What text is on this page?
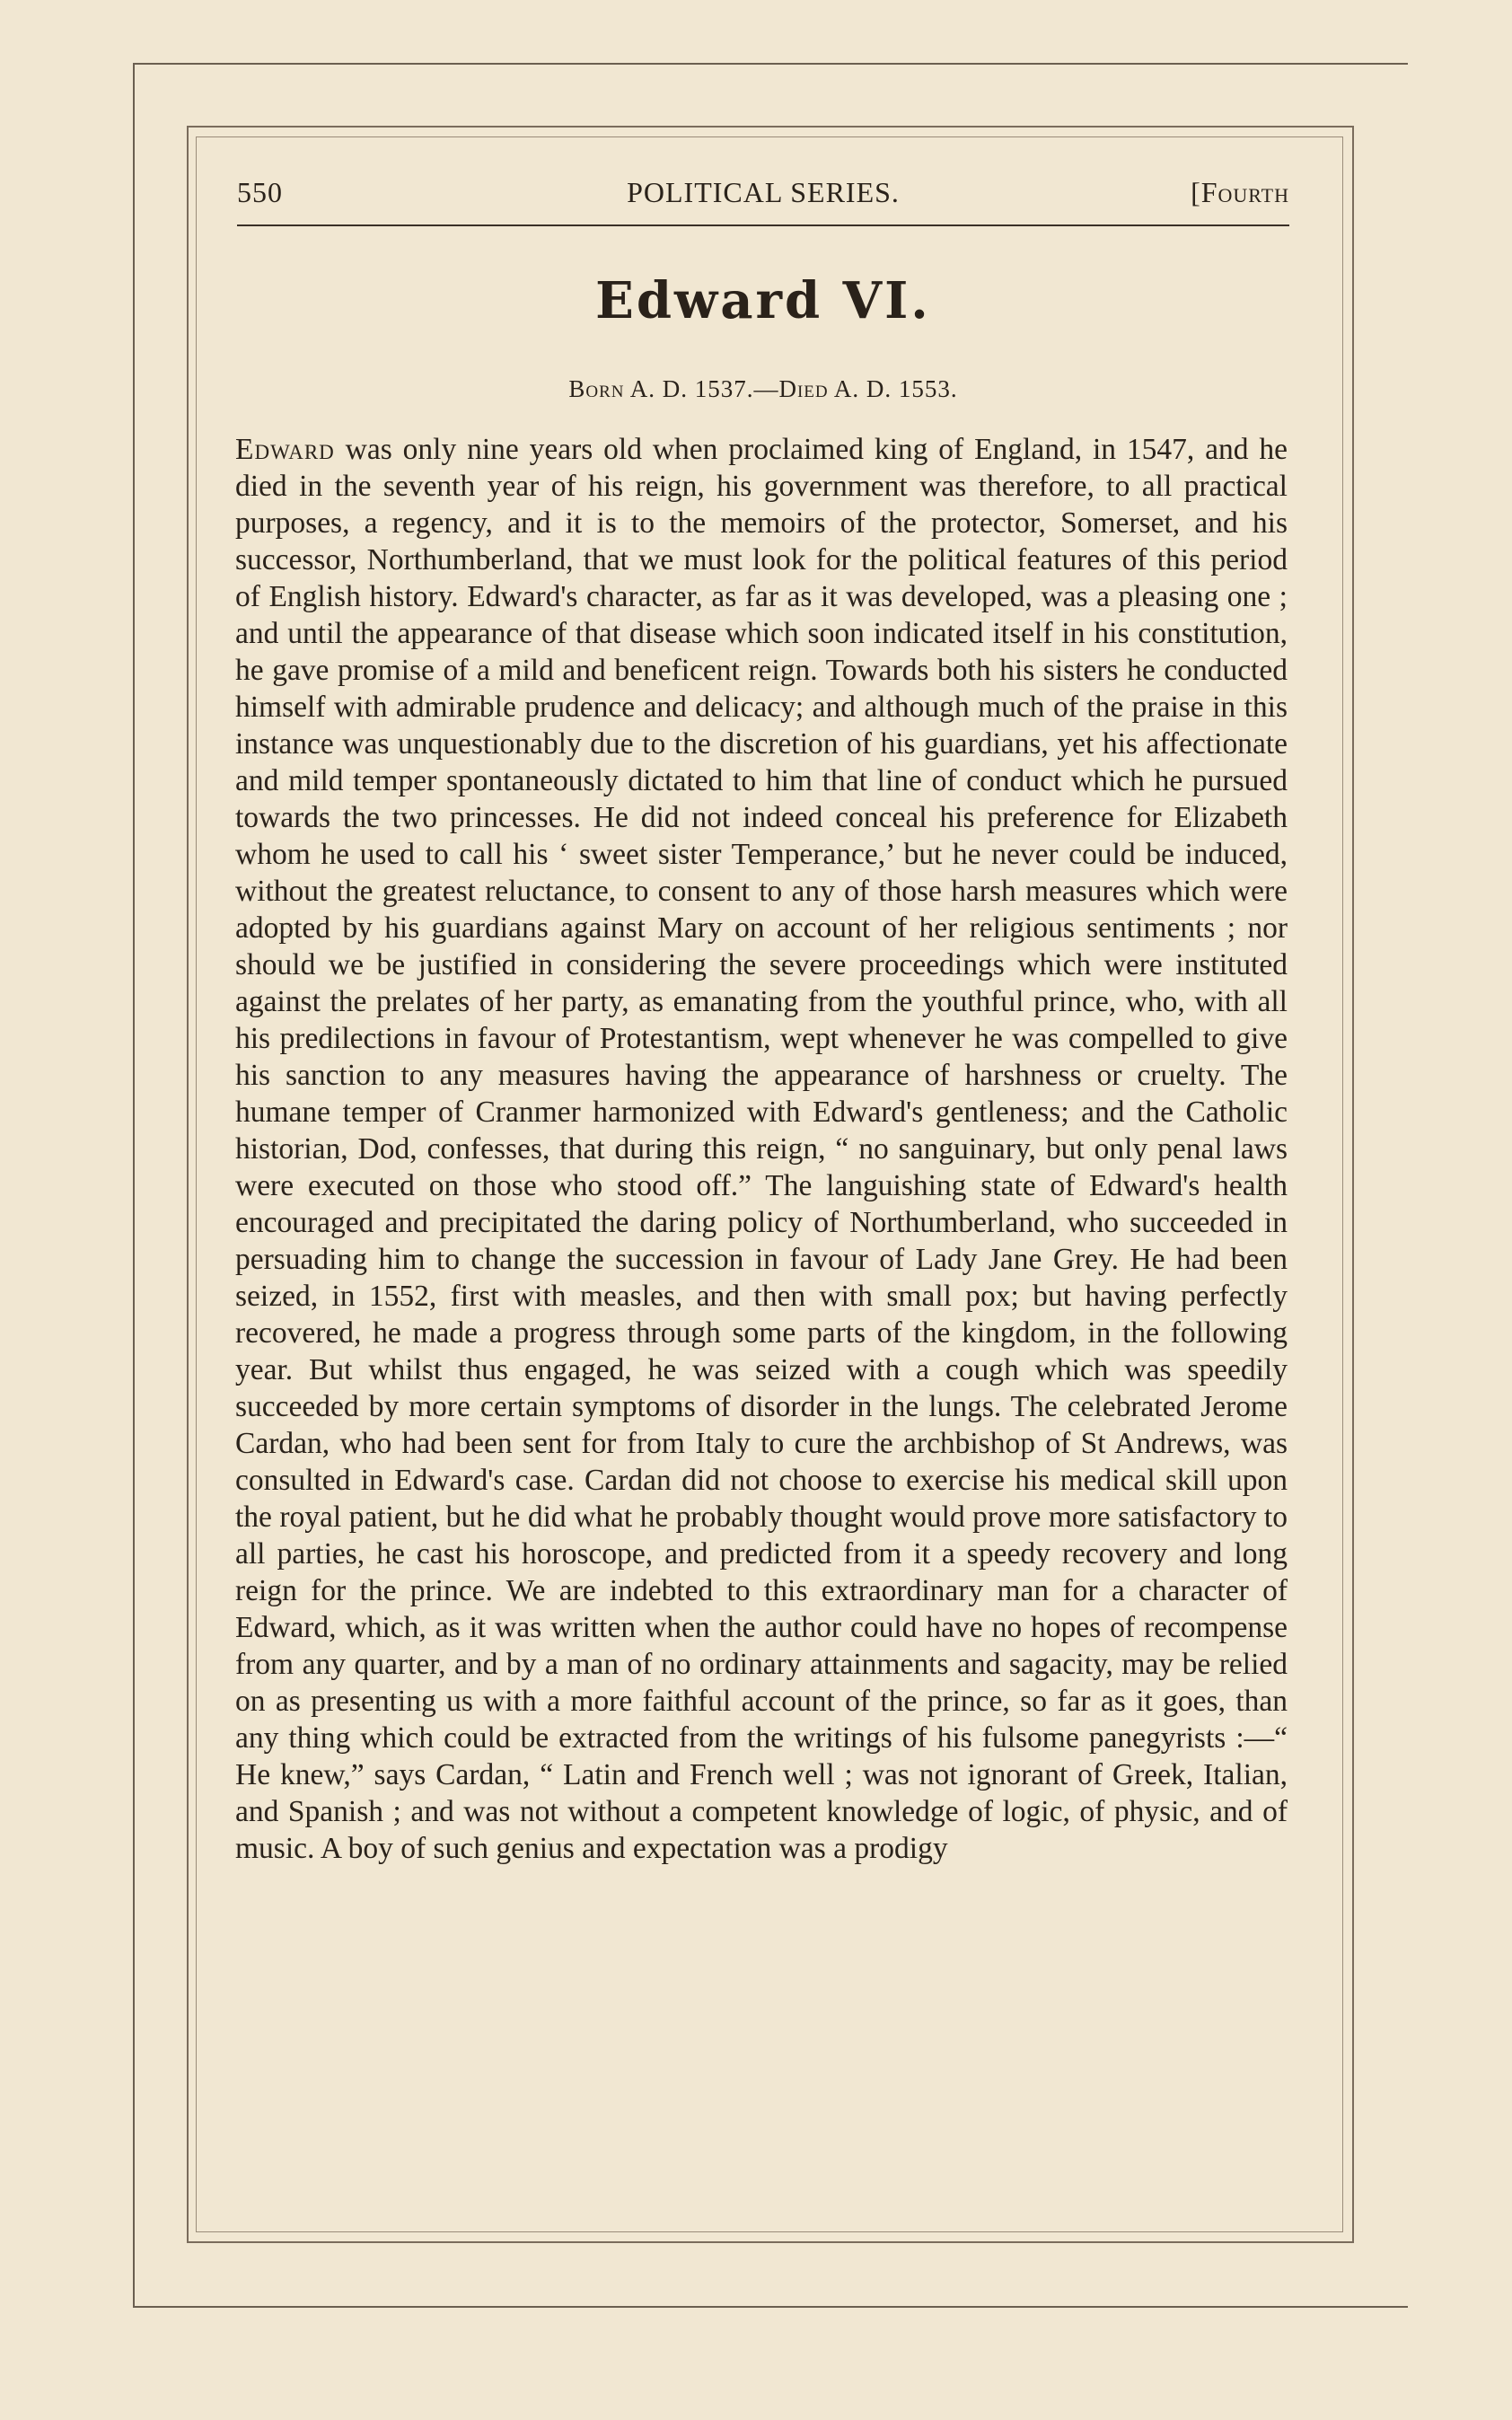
550	POLITICAL SERIES.	[Fourth
Edward VI.
Born A. D. 1537.—Died A. D. 1553.
Edward was only nine years old when proclaimed king of England, in 1547, and he died in the seventh year of his reign, his government was therefore, to all practical purposes, a regency, and it is to the memoirs of the protector, Somerset, and his successor, Northumberland, that we must look for the political features of this period of English history. Edward's character, as far as it was developed, was a pleasing one ; and until the appearance of that disease which soon indicated itself in his constitution, he gave promise of a mild and beneficent reign. Towards both his sisters he conducted himself with admirable prudence and delicacy; and although much of the praise in this instance was unquestionably due to the discretion of his guardians, yet his affectionate and mild temper spontaneously dictated to him that line of conduct which he pursued towards the two princesses. He did not indeed conceal his preference for Elizabeth whom he used to call his ‘ sweet sister Temperance,’ but he never could be induced, without the greatest reluctance, to consent to any of those harsh measures which were adopted by his guardians against Mary on account of her religious sentiments ; nor should we be justified in considering the severe proceedings which were instituted against the prelates of her party, as emanating from the youthful prince, who, with all his predilections in favour of Protestantism, wept whenever he was compelled to give his sanction to any measures having the appearance of harshness or cruelty. The humane temper of Cranmer harmonized with Edward's gentleness; and the Catholic historian, Dod, confesses, that during this reign, “ no sanguinary, but only penal laws were executed on those who stood off.” The languishing state of Edward's health encouraged and precipitated the daring policy of Northumberland, who succeeded in persuading him to change the succession in favour of Lady Jane Grey. He had been seized, in 1552, first with measles, and then with small pox; but having perfectly recovered, he made a progress through some parts of the kingdom, in the following year. But whilst thus engaged, he was seized with a cough which was speedily succeeded by more certain symptoms of disorder in the lungs. The celebrated Jerome Cardan, who had been sent for from Italy to cure the archbishop of St Andrews, was consulted in Edward's case. Cardan did not choose to exercise his medical skill upon the royal patient, but he did what he probably thought would prove more satisfactory to all parties, he cast his horoscope, and predicted from it a speedy recovery and long reign for the prince. We are indebted to this extraordinary man for a character of Edward, which, as it was written when the author could have no hopes of recompense from any quarter, and by a man of no ordinary attainments and sagacity, may be relied on as presenting us with a more faithful account of the prince, so far as it goes, than any thing which could be extracted from the writings of his fulsome panegyrists :—“ He knew,” says Cardan, “ Latin and French well ; was not ignorant of Greek, Italian, and Spanish ; and was not without a competent knowledge of logic, of physic, and of music. A boy of such genius and expectation was a prodigy
